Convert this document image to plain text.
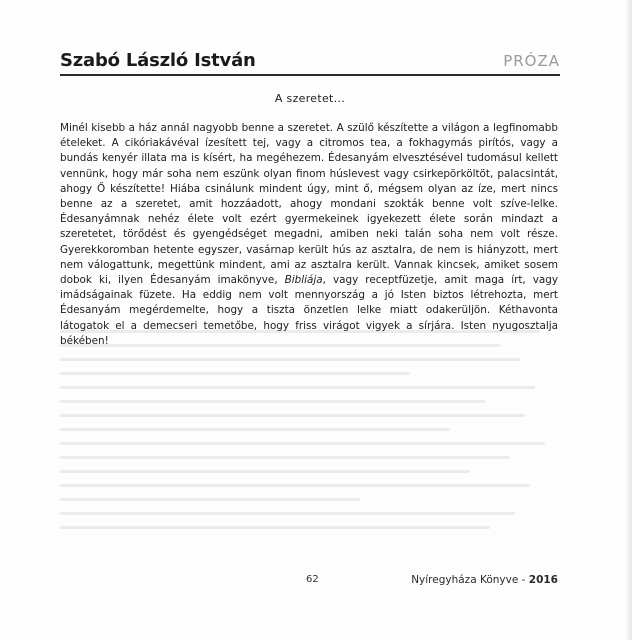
Szabó László István	PRÓZA
A szeretet...
Minél kisebb a ház annál nagyobb benne a szeretet. A szülő készítette a világon a legfinomabb
ételeket. A cikóriakávéval ízesített tej, vagy a citromos tea, a fokhagymás pirítós, vagy a
bundás kenyér illata ma is kísért, ha megéhezem. Édesanyám elvesztésével tudomásul kellett
vennünk, hogy már soha nem eszünk olyan finom húslevest vagy csirkepörköltöt, palacsintát,
ahogy Ő készítette! Hiába csinálunk mindent úgy, mint ő, mégsem olyan az íze, mert nincs
benne az a szeretet, amit hozzáadott, ahogy mondani szokták benne volt szíve-lelke.
Édesanyámnak nehéz élete volt ezért gyermekeinek igyekezett élete során mindazt a
szeretetet, törődést és gyengédséget megadni, amiben neki talán soha nem volt része.
Gyerekkoromban hetente egyszer, vasárnap került hús az asztalra, de nem is hiányzott, mert
nem válogattunk, megettünk mindent, ami az asztalra került. Vannak kincsek, amiket sosem
dobok ki, ilyen Édesanyám imakönyve, Bibliája, vagy receptfüzetje, amit maga írt, vagy
imádságainak füzete. Ha eddig nem volt mennyország a jó Isten biztos létrehozta, mert
Édesanyám megérdemelte, hogy a tiszta önzetlen lelke miatt odakerüljön. Kéthavonta
látogatok el a demecseri temetőbe, hogy friss virágot vigyek a sírjára. Isten nyugosztalja
békében!
62	Nyíregyháza Könyve - 2016
